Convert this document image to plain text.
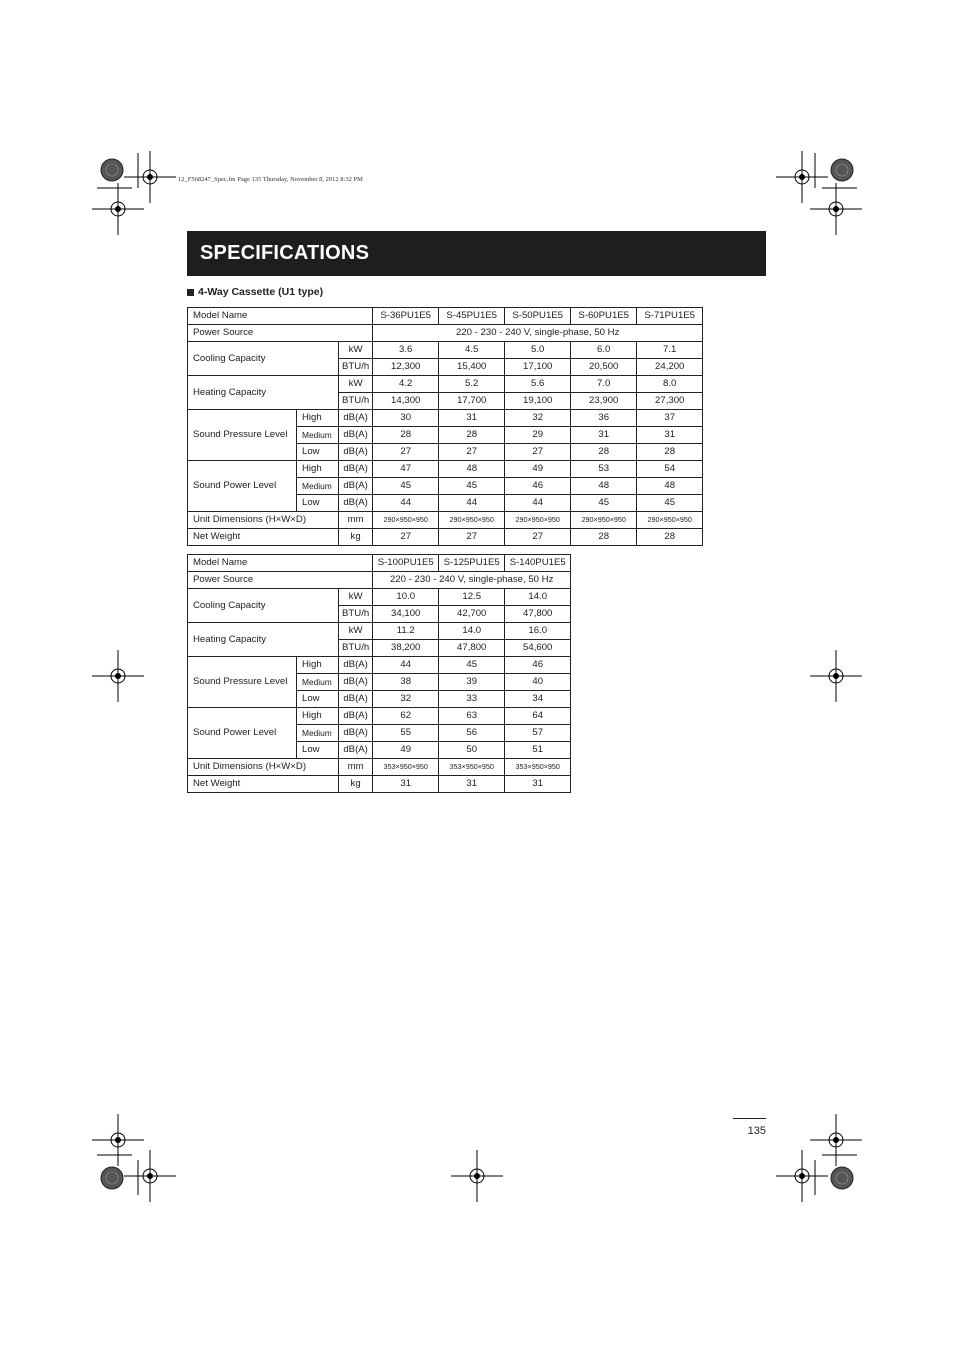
12_F568247_Spec.fm Page 135 Thursday, November 8, 2012 8:32 PM
SPECIFICATIONS
4-Way Cassette (U1 type)
Model Name			S-36PU1E5	S-45PU1E5	S-50PU1E5	S-60PU1E5	S-71PU1E5
Power Source			220 - 230 - 240 V, single-phase, 50 Hz				
Cooling Capacity		kW	3.6	4.5	5.0	6.0	7.1
		BTU/h	12,300	15,400	17,100	20,500	24,200
Heating Capacity		kW	4.2	5.2	5.6	7.0	8.0
		BTU/h	14,300	17,700	19,100	23,900	27,300
Sound Pressure Level	High	dB(A)	30	31	32	36	37
	Medium	dB(A)	28	28	29	31	31
	Low	dB(A)	27	27	27	28	28
Sound Power Level	High	dB(A)	47	48	49	53	54
	Medium	dB(A)	45	45	46	48	48
	Low	dB(A)	44	44	44	45	45
Unit Dimensions (H×W×D)		mm	290×950×950	290×950×950	290×950×950	290×950×950	290×950×950
Net Weight		kg	27	27	27	28	28
Model Name			S-100PU1E5	S-125PU1E5	S-140PU1E5
Power Source			220 - 230 - 240 V, single-phase, 50 Hz		
Cooling Capacity		kW	10.0	12.5	14.0
		BTU/h	34,100	42,700	47,800
Heating Capacity		kW	11.2	14.0	16.0
		BTU/h	38,200	47,800	54,600
Sound Pressure Level	High	dB(A)	44	45	46
	Medium	dB(A)	38	39	40
	Low	dB(A)	32	33	34
Sound Power Level	High	dB(A)	62	63	64
	Medium	dB(A)	55	56	57
	Low	dB(A)	49	50	51
Unit Dimensions (H×W×D)		mm	353×950×950	353×950×950	353×950×950
Net Weight		kg	31	31	31
135
